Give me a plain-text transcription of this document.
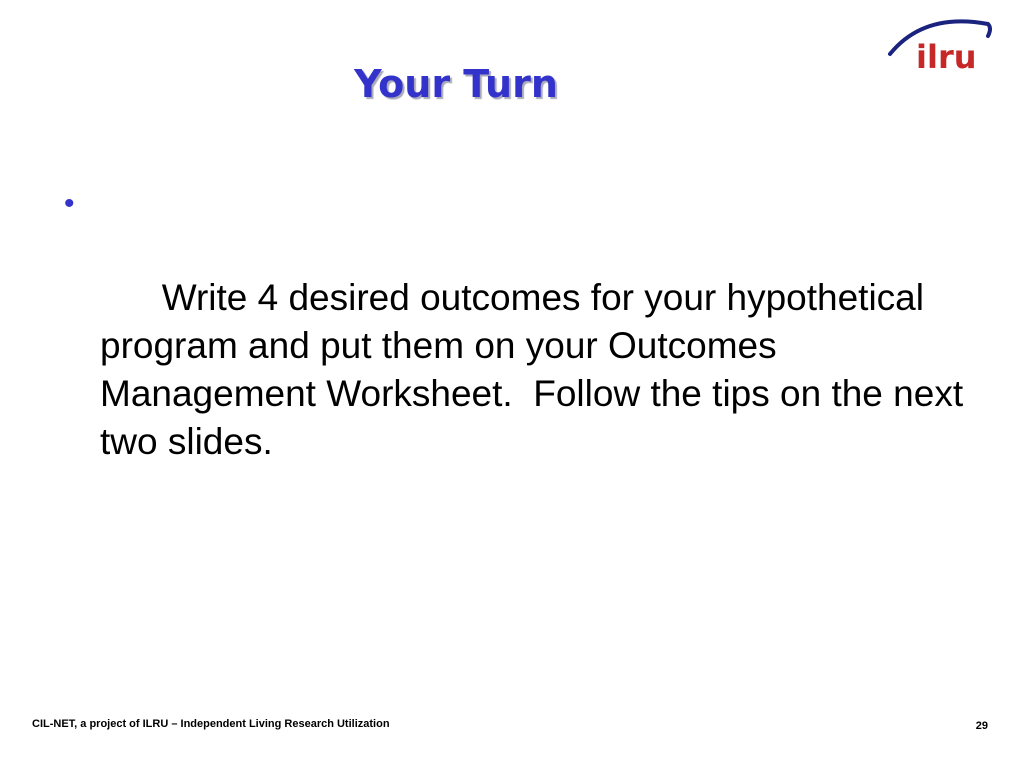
ilru
Your Turn

•

Write 4 desired outcomes for your hypothetical program and put them on your Outcomes Management Worksheet.  Follow the tips on the next two slides.

CIL-NET, a project of ILRU – Independent Living Research Utilization	29
